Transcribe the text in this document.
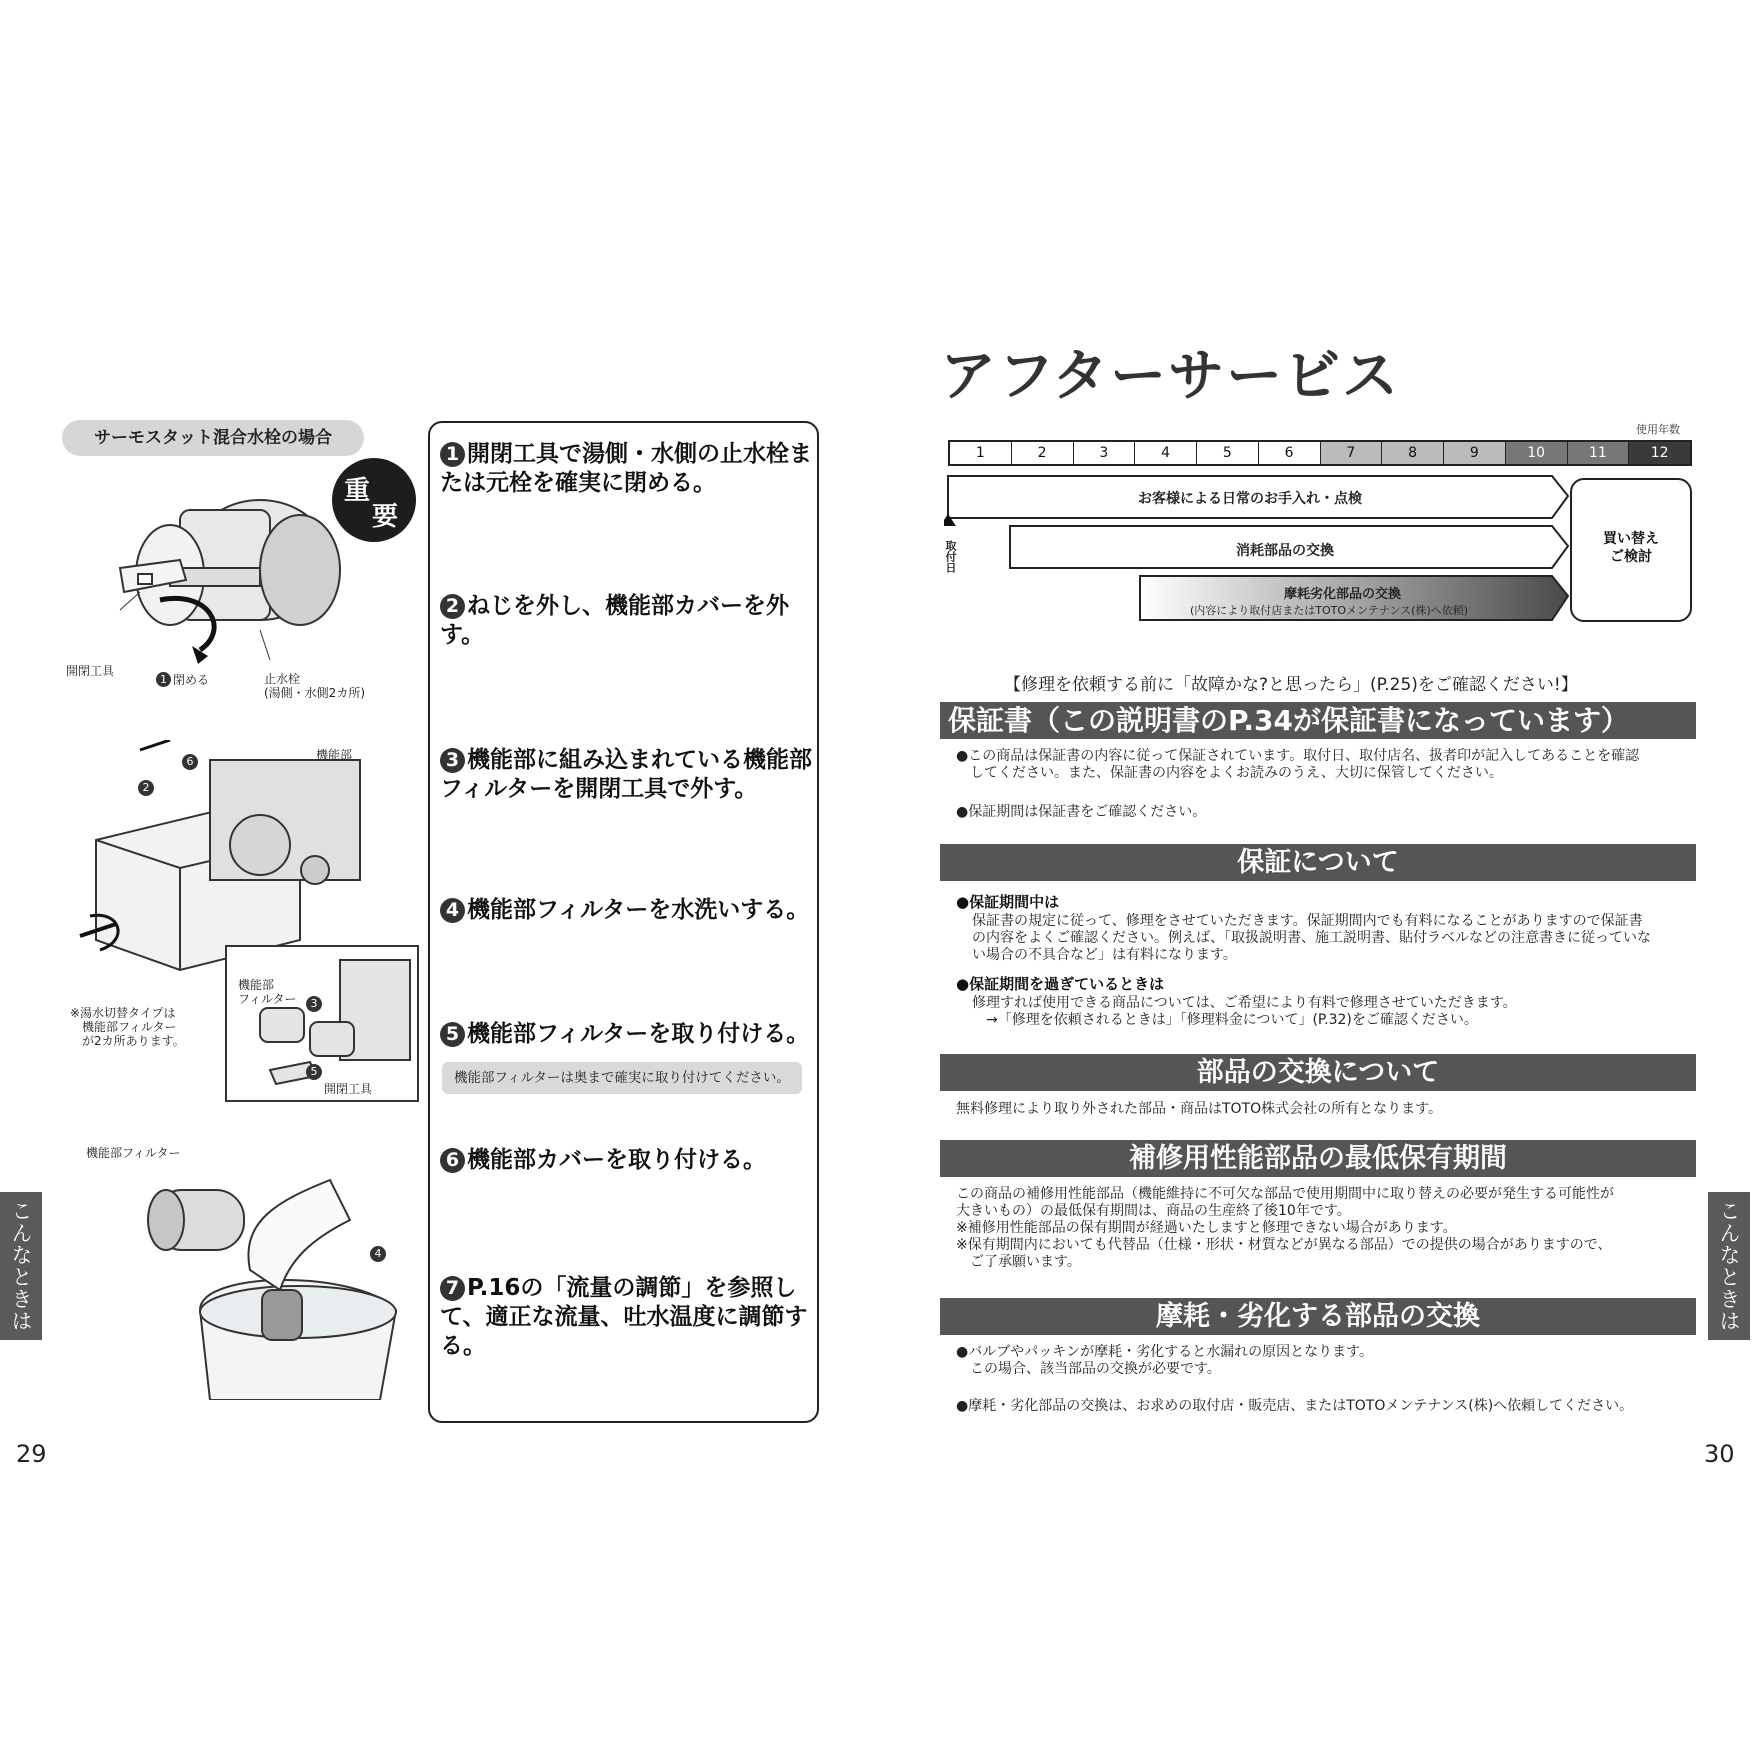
サーモスタット混合水栓の場合
重
要
開閉工具
1 閉める	止水栓
(湯側・水側2カ所)
機能部
機能部
フィルター
開閉工具
※湯水切替タイプは
機能部フィルター
が2カ所あります。
2
6
3
5
機能部フィルター
4
1 開閉工具で湯側・水側の止水栓または元栓を確実に閉める。
2 ねじを外し、機能部カバーを外す。
3 機能部に組み込まれている機能部フィルターを開閉工具で外す。
4 機能部フィルターを水洗いする。
5 機能部フィルターを取り付ける。
機能部フィルターは奥まで確実に取り付けてください。
6 機能部カバーを取り付ける。
7 P.16の「流量の調節」を参照して、適正な流量、吐水温度に調節する。
こんなときは
29
アフターサービス
使用年数
1	2	3	4	5	6	7	8	9	10	11	12
お客様による日常のお手入れ・点検
消耗部品の交換
摩耗劣化部品の交換
(内容により取付店またはTOTOメンテナンス(株)へ依頼)
取付日
買い替え
ご検討
【修理を依頼する前に「故障かな?と思ったら」(P.25)をご確認ください!】
保証書（この説明書のP.34が保証書になっています）
●この商品は保証書の内容に従って保証されています。取付日、取付店名、扱者印が記入してあることを確認
　してください。また、保証書の内容をよくお読みのうえ、大切に保管してください。
●保証期間は保証書をご確認ください。
保証について
●保証期間中は
保証書の規定に従って、修理をさせていただきます。保証期間内でも有料になることがありますので保証書
の内容をよくご確認ください。例えば、「取扱説明書、施工説明書、貼付ラベルなどの注意書きに従っていな
い場合の不具合など」は有料になります。
●保証期間を過ぎているときは
修理すれば使用できる商品については、ご希望により有料で修理させていただきます。
　→「修理を依頼されるときは」「修理料金について」(P.32)をご確認ください。
部品の交換について
無料修理により取り外された部品・商品はTOTO株式会社の所有となります。
補修用性能部品の最低保有期間
この商品の補修用性能部品（機能維持に不可欠な部品で使用期間中に取り替えの必要が発生する可能性が
大きいもの）の最低保有期間は、商品の生産終了後10年です。
※補修用性能部品の保有期間が経過いたしますと修理できない場合があります。
※保有期間内においても代替品（仕様・形状・材質などが異なる部品）での提供の場合がありますので、
　ご了承願います。
摩耗・劣化する部品の交換
●バルブやパッキンが摩耗・劣化すると水漏れの原因となります。
　この場合、該当部品の交換が必要です。
●摩耗・劣化部品の交換は、お求めの取付店・販売店、またはTOTOメンテナンス(株)へ依頼してください。
こんなときは
30
